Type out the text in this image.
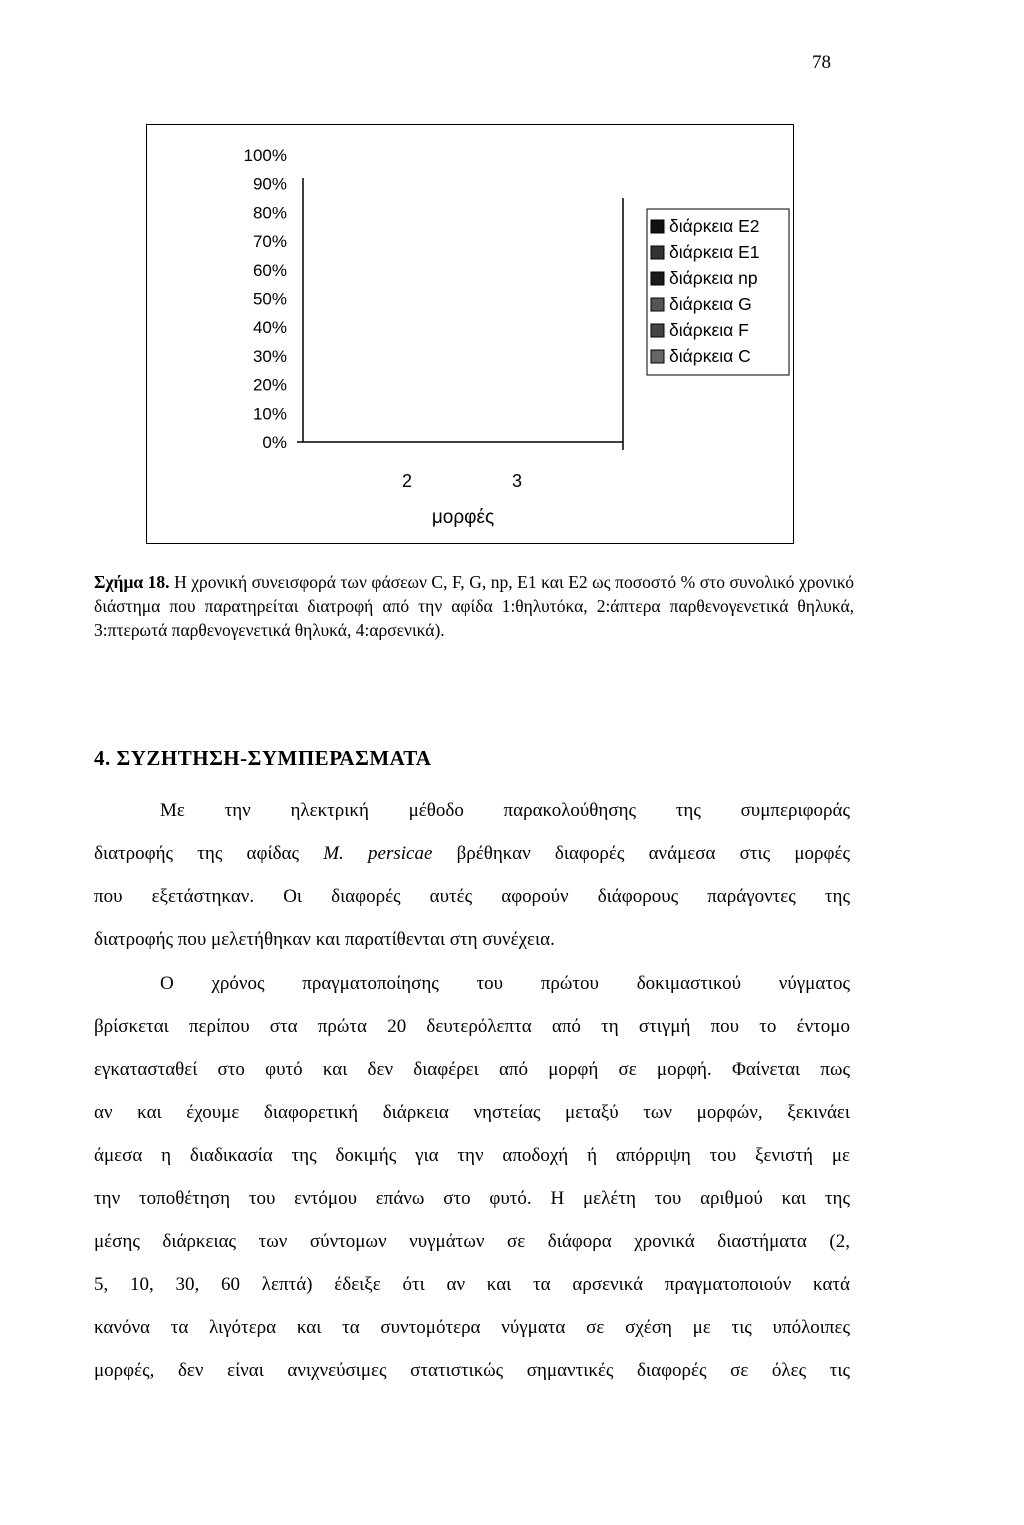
78
0%
10%
20%
30%
40%
50%
60%
70%
80%
90%
100%
2	3
μορφές
διάρκεια E2
διάρκεια E1
διάρκεια np
διάρκεια G
διάρκεια F
διάρκεια C
Σχήμα 18. Η χρονική συνεισφορά των φάσεων C, F, G, np, E1 και E2 ως ποσοστό % στο συνολικό χρονικό διάστημα που παρατηρείται διατροφή από την αφίδα 1:θηλυτόκα, 2:άπτερα παρθενογενετικά θηλυκά, 3:πτερωτά παρθενογενετικά θηλυκά, 4:αρσενικά).
4. ΣΥΖΗΤΗΣΗ-ΣΥΜΠΕΡΑΣΜΑΤΑ
Με την ηλεκτρική μέθοδο παρακολούθησης της συμπεριφοράς
διατροφής της αφίδας M. persicae βρέθηκαν διαφορές ανάμεσα στις μορφές
που εξετάστηκαν. Οι διαφορές αυτές αφορούν διάφορους παράγοντες της
διατροφής που μελετήθηκαν και παρατίθενται στη συνέχεια.
Ο χρόνος πραγματοποίησης του πρώτου δοκιμαστικού νύγματος
βρίσκεται περίπου στα πρώτα 20 δευτερόλεπτα από τη στιγμή που το έντομο
εγκατασταθεί στο φυτό και δεν διαφέρει από μορφή σε μορφή. Φαίνεται πως
αν και έχουμε διαφορετική διάρκεια νηστείας μεταξύ των μορφών, ξεκινάει
άμεσα η διαδικασία της δοκιμής για την αποδοχή ή απόρριψη του ξενιστή με
την τοποθέτηση του εντόμου επάνω στο φυτό. Η μελέτη του αριθμού και της
μέσης διάρκειας των σύντομων νυγμάτων σε διάφορα χρονικά διαστήματα (2,
5, 10, 30, 60 λεπτά) έδειξε ότι αν και τα αρσενικά πραγματοποιούν κατά
κανόνα τα λιγότερα και τα συντομότερα νύγματα σε σχέση με τις υπόλοιπες
μορφές, δεν είναι ανιχνεύσιμες στατιστικώς σημαντικές διαφορές σε όλες τις
